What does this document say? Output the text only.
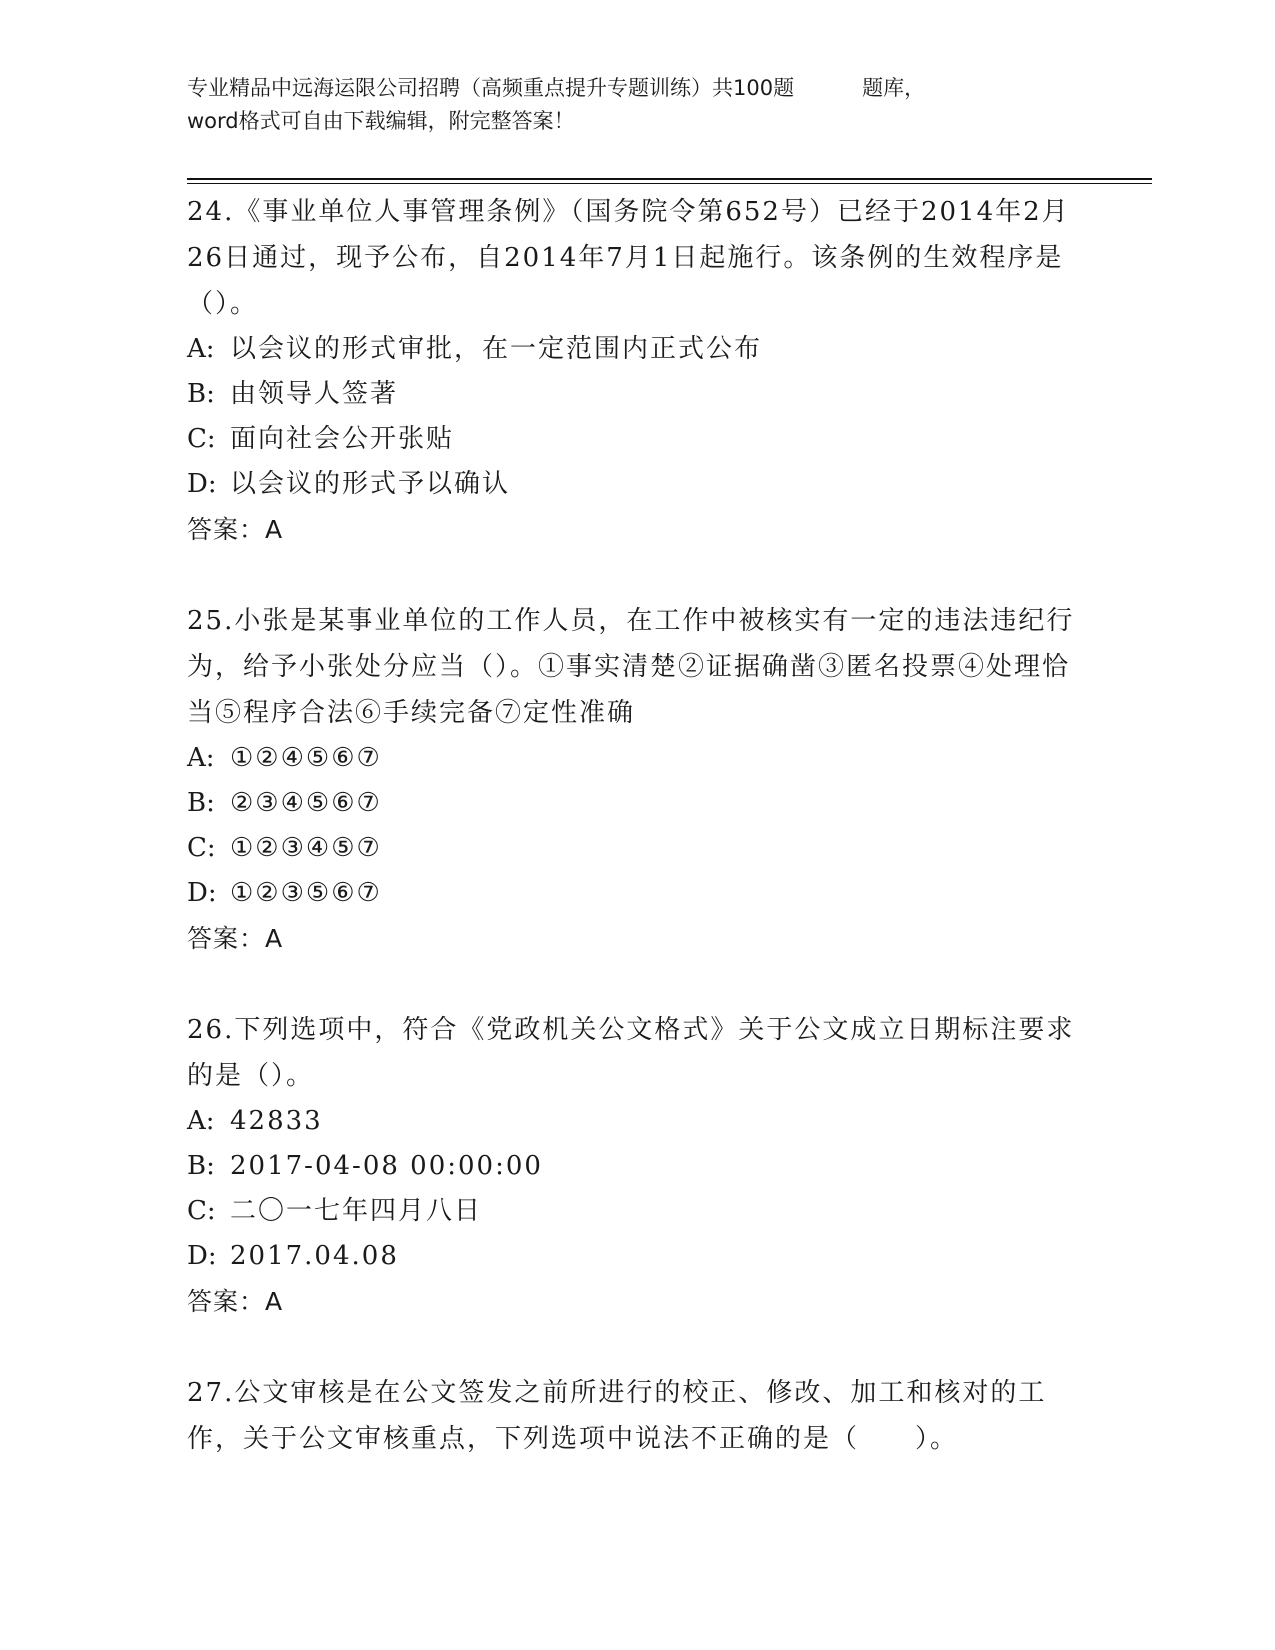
专业精品中远海运限公司招聘（高频重点提升专题训练）共100题	题库，
word格式可自由下载编辑，附完整答案！
24.《事业单位人事管理条例》（国务院令第652号）已经于2014年2月26日通过，现予公布，自2014年7月1日起施行。该条例的生效程序是（）。
A: 以会议的形式审批，在一定范围内正式公布
B: 由领导人签著
C: 面向社会公开张贴
D: 以会议的形式予以确认
答案：A
25.小张是某事业单位的工作人员，在工作中被核实有一定的违法违纪行为，给予小张处分应当（）。①事实清楚②证据确凿③匿名投票④处理恰当⑤程序合法⑥手续完备⑦定性准确
A: ①②④⑤⑥⑦
B: ②③④⑤⑥⑦
C: ①②③④⑤⑦
D: ①②③⑤⑥⑦
答案：A
26.下列选项中，符合《党政机关公文格式》关于公文成立日期标注要求的是（）。
A: 42833
B: 2017-04-08 00:00:00
C: 二〇一七年四月八日
D: 2017.04.08
答案：A
27.公文审核是在公文签发之前所进行的校正、修改、加工和核对的工作，关于公文审核重点，下列选项中说法不正确的是（　　）。
